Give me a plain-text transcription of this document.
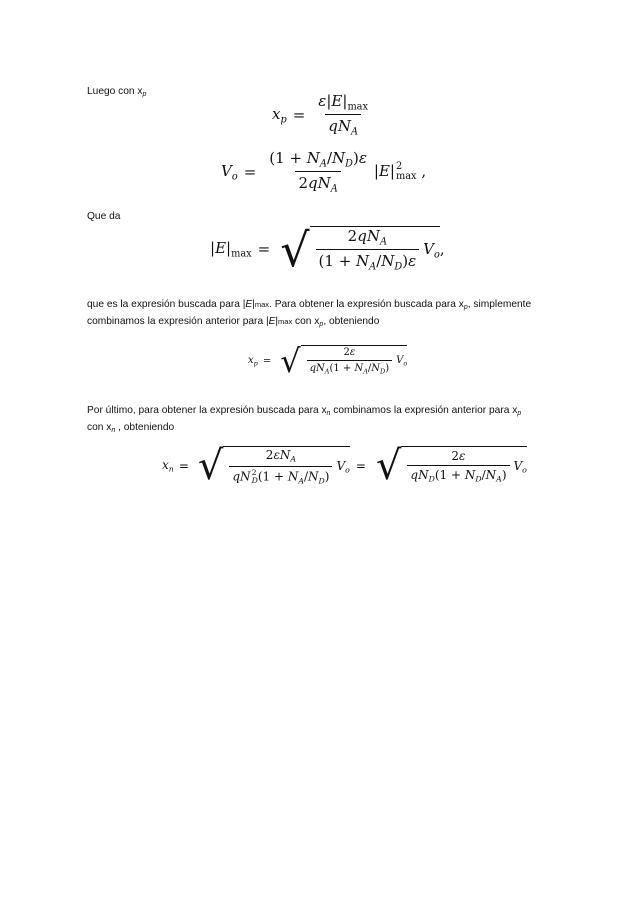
Luego con $x_p$
$x_p = \frac{\varepsilon|E|_{max}}{qN_A}$
$V_o = \frac{(1 + N_A/N_D)\varepsilon}{2qN_A} |E|$ 2
max ,
Que da
$|E|_{max}$ = √ $\frac{2qN_A}{(1 + N_A/N_D)\varepsilon} V_o$ ,
que es la expresión buscada para |E|max. Para obtener la expresión buscada para $x_p$, simplemente
combinamos la expresión anterior para |E|max con $x_p$, obteniendo
$x_p$ = √ $\frac{2\varepsilon}{qN_A(1 + N_A/N_D)} V_o$
Por último, para obtener la expresión buscada para $x_n$ combinamos la expresión anterior para $x_p$
con $x_n$ , obteniendo
$x_n$ = √ $2\varepsilon N_A$
qN 2
D $(1 + N_A/N_D)$ $V_o$ = √ $\frac{2\varepsilon}{qN_D(1 + N_D/N_A)} V_o$
